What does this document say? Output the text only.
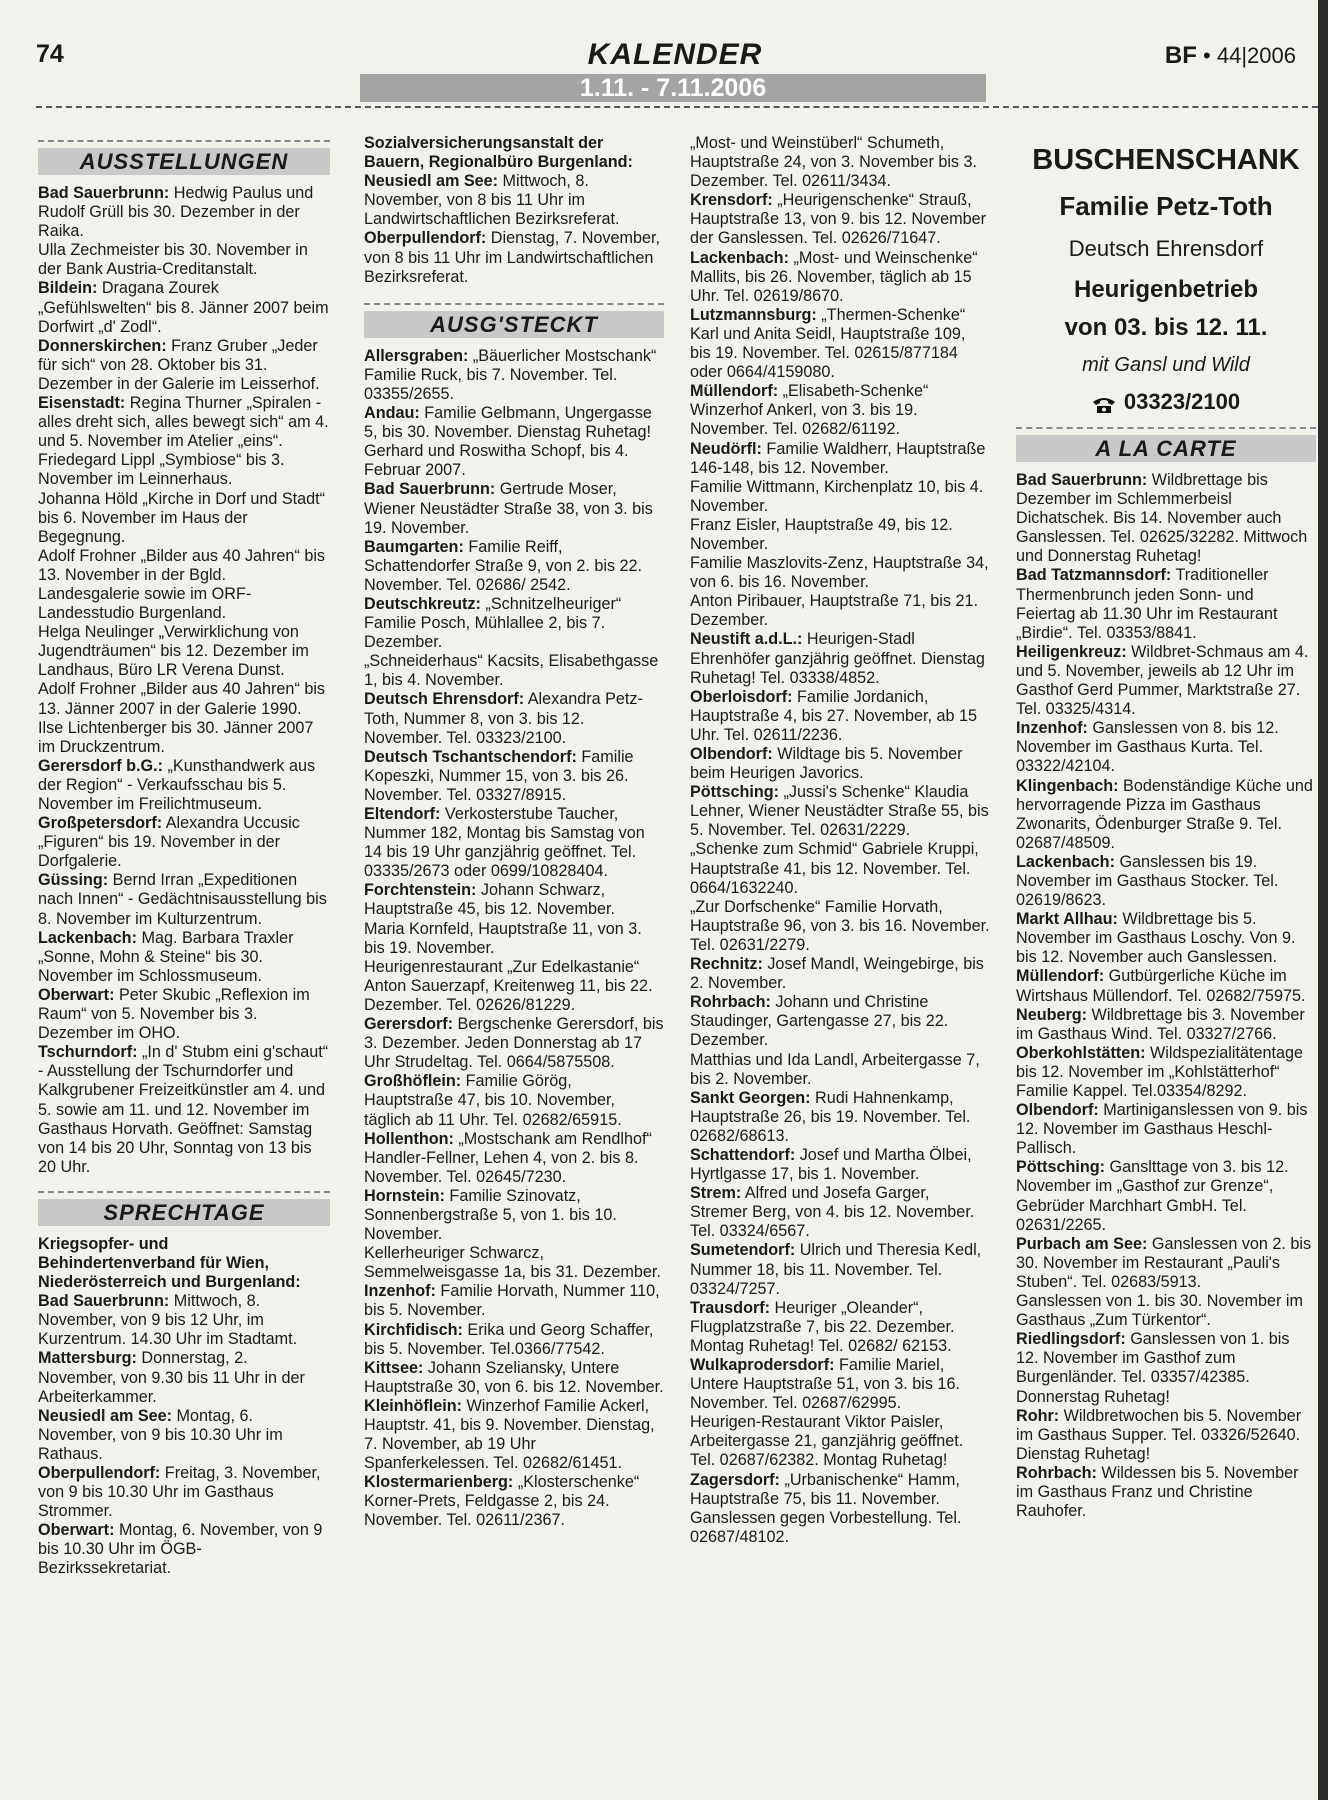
74	KALENDER
1.11. - 7.11.2006
BF • 44|2006
AUSSTELLUNGEN

Bad Sauerbrunn: Hedwig Paulus und Rudolf Grüll bis 30. Dezember in der Raika.

Ulla Zechmeister bis 30. November in der Bank Austria-Creditanstalt.

Bildein: Dragana Zourek „Gefühlswelten“ bis 8. Jänner 2007 beim Dorfwirt „d' Zodl“.

Donnerskirchen: Franz Gruber „Jeder für sich“ von 28. Oktober bis 31. Dezember in der Galerie im Leisserhof.

Eisenstadt: Regina Thurner „Spiralen - alles dreht sich, alles bewegt sich“ am 4. und 5. November im Atelier „eins“.

Friedegard Lippl „Symbiose“ bis 3. November im Leinnerhaus.

Johanna Höld „Kirche in Dorf und Stadt“ bis 6. November im Haus der Begegnung.

Adolf Frohner „Bilder aus 40 Jahren“ bis 13. November in der Bgld. Landesgalerie sowie im ORF-Landesstudio Burgenland.

Helga Neulinger „Verwirklichung von Jugendträumen“ bis 12. Dezember im Landhaus, Büro LR Verena Dunst.

Adolf Frohner „Bilder aus 40 Jahren“ bis 13. Jänner 2007 in der Galerie 1990.

Ilse Lichtenberger bis 30. Jänner 2007 im Druckzentrum.

Gerersdorf b.G.: „Kunsthandwerk aus der Region“ - Verkaufsschau bis 5. November im Freilichtmuseum.

Großpetersdorf: Alexandra Uccusic „Figuren“ bis 19. November in der Dorfgalerie.

Güssing: Bernd Irran „Expeditionen nach Innen“ - Gedächtnisausstellung bis 8. November im Kulturzentrum.

Lackenbach: Mag. Barbara Traxler „Sonne, Mohn & Steine“ bis 30. November im Schlossmuseum.

Oberwart: Peter Skubic „Reflexion im Raum“ von 5. November bis 3. Dezember im OHO.

Tschurndorf: „In d' Stubm eini g'schaut“ - Ausstellung der Tschurndorfer und Kalkgrubener Freizeitkünstler am 4. und 5. sowie am 11. und 12. November im Gasthaus Horvath. Geöffnet: Samstag von 14 bis 20 Uhr, Sonntag von 13 bis 20 Uhr.

SPRECHTAGE

Kriegsopfer- und Behindertenverband für Wien, Niederösterreich und Burgenland:

Bad Sauerbrunn: Mittwoch, 8. November, von 9 bis 12 Uhr, im Kurzentrum. 14.30 Uhr im Stadtamt.

Mattersburg: Donnerstag, 2. November, von 9.30 bis 11 Uhr in der Arbeiterkammer.

Neusiedl am See: Montag, 6. November, von 9 bis 10.30 Uhr im Rathaus.

Oberpullendorf: Freitag, 3. November, von 9 bis 10.30 Uhr im Gasthaus Strommer.

Oberwart: Montag, 6. November, von 9 bis 10.30 Uhr im ÖGB-Bezirkssekretariat.

Sozialversicherungsanstalt der Bauern, Regionalbüro Burgenland:

Neusiedl am See: Mittwoch, 8. November, von 8 bis 11 Uhr im Landwirtschaftlichen Bezirksreferat.

Oberpullendorf: Dienstag, 7. November, von 8 bis 11 Uhr im Landwirtschaftlichen Bezirksreferat.

AUSG'STECKT

Allersgraben: „Bäuerlicher Mostschank“ Familie Ruck, bis 7. November. Tel. 03355/2655.

Andau: Familie Gelbmann, Ungergasse 5, bis 30. November. Dienstag Ruhetag!

Gerhard und Roswitha Schopf, bis 4. Februar 2007.

Bad Sauerbrunn: Gertrude Moser, Wiener Neustädter Straße 38, von 3. bis 19. November.

Baumgarten: Familie Reiff, Schattendorfer Straße 9, von 2. bis 22. November. Tel. 02686/ 2542.

Deutschkreutz: „Schnitzelheuriger“ Familie Posch, Mühlallee 2, bis 7. Dezember.

„Schneiderhaus“ Kacsits, Elisabethgasse 1, bis 4. November.

Deutsch Ehrensdorf: Alexandra Petz-Toth, Nummer 8, von 3. bis 12. November. Tel. 03323/2100.

Deutsch Tschantschendorf: Familie Kopeszki, Nummer 15, von 3. bis 26. November. Tel. 03327/8915.

Eltendorf: Verkosterstube Taucher, Nummer 182, Montag bis Samstag von 14 bis 19 Uhr ganzjährig geöffnet. Tel. 03335/2673 oder 0699/10828404.

Forchtenstein: Johann Schwarz, Hauptstraße 45, bis 12. November.

Maria Kornfeld, Hauptstraße 11, von 3. bis 19. November.

Heurigenrestaurant „Zur Edelkastanie“ Anton Sauerzapf, Kreitenweg 11, bis 22. Dezember. Tel. 02626/81229.

Gerersdorf: Bergschenke Gerersdorf, bis 3. Dezember. Jeden Donnerstag ab 17 Uhr Strudeltag. Tel. 0664/5875508.

Großhöflein: Familie Görög, Hauptstraße 47, bis 10. November, täglich ab 11 Uhr. Tel. 02682/65915.

Hollenthon: „Mostschank am Rendlhof“ Handler-Fellner, Lehen 4, von 2. bis 8. November. Tel. 02645/7230.

Hornstein: Familie Szinovatz, Sonnenbergstraße 5, von 1. bis 10. November.

Kellerheuriger Schwarcz, Semmelweisgasse 1a, bis 31. Dezember.

Inzenhof: Familie Horvath, Nummer 110, bis 5. November.

Kirchfidisch: Erika und Georg Schaffer, bis 5. November. Tel.0366/77542.

Kittsee: Johann Szeliansky, Untere Hauptstraße 30, von 6. bis 12. November.

Kleinhöflein: Winzerhof Familie Ackerl, Hauptstr. 41, bis 9. November. Dienstag, 7. November, ab 19 Uhr Spanferkelessen. Tel. 02682/61451.

Klostermarienberg: „Klosterschenke“ Korner-Prets, Feldgasse 2, bis 24. November. Tel. 02611/2367.

„Most- und Weinstüberl“ Schumeth, Hauptstraße 24, von 3. November bis 3. Dezember. Tel. 02611/3434.

Krensdorf: „Heurigenschenke“ Strauß, Hauptstraße 13, von 9. bis 12. November der Ganslessen. Tel. 02626/71647.

Lackenbach: „Most- und Weinschenke“ Mallits, bis 26. November, täglich ab 15 Uhr. Tel. 02619/8670.

Lutzmannsburg: „Thermen-Schenke“ Karl und Anita Seidl, Hauptstraße 109, bis 19. November. Tel. 02615/877184 oder 0664/4159080.

Müllendorf: „Elisabeth-Schenke“ Winzerhof Ankerl, von 3. bis 19. November. Tel. 02682/61192.

Neudörfl: Familie Waldherr, Hauptstraße 146-148, bis 12. November.

Familie Wittmann, Kirchenplatz 10, bis 4. November.

Franz Eisler, Hauptstraße 49, bis 12. November.

Familie Maszlovits-Zenz, Hauptstraße 34, von 6. bis 16. November.

Anton Piribauer, Hauptstraße 71, bis 21. Dezember.

Neustift a.d.L.: Heurigen-Stadl Ehrenhöfer ganzjährig geöffnet. Dienstag Ruhetag! Tel. 03338/4852.

Oberloisdorf: Familie Jordanich, Hauptstraße 4, bis 27. November, ab 15 Uhr. Tel. 02611/2236.

Olbendorf: Wildtage bis 5. November beim Heurigen Javorics.

Pöttsching: „Jussi's Schenke“ Klaudia Lehner, Wiener Neustädter Straße 55, bis 5. November. Tel. 02631/2229.

„Schenke zum Schmid“ Gabriele Kruppi, Hauptstraße 41, bis 12. November. Tel. 0664/1632240.

„Zur Dorfschenke“ Familie Horvath, Hauptstraße 96, von 3. bis 16. November. Tel. 02631/2279.

Rechnitz: Josef Mandl, Weingebirge, bis 2. November.

Rohrbach: Johann und Christine Staudinger, Gartengasse 27, bis 22. Dezember.

Matthias und Ida Landl, Arbeitergasse 7, bis 2. November.

Sankt Georgen: Rudi Hahnenkamp, Hauptstraße 26, bis 19. November. Tel. 02682/68613.

Schattendorf: Josef und Martha Ölbei, Hyrtlgasse 17, bis 1. November.

Strem: Alfred und Josefa Garger, Stremer Berg, von 4. bis 12. November. Tel. 03324/6567.

Sumetendorf: Ulrich und Theresia Kedl, Nummer 18, bis 11. November. Tel. 03324/7257.

Trausdorf: Heuriger „Oleander“, Flugplatzstraße 7, bis 22. Dezember. Montag Ruhetag! Tel. 02682/ 62153.

Wulkaprodersdorf: Familie Mariel, Untere Hauptstraße 51, von 3. bis 16. November. Tel. 02687/62995.

Heurigen-Restaurant Viktor Paisler, Arbeitergasse 21, ganzjährig geöffnet. Tel. 02687/62382. Montag Ruhetag!

Zagersdorf: „Urbanischenke“ Hamm, Hauptstraße 75, bis 11. November. Ganslessen gegen Vorbestellung. Tel. 02687/48102.

BUSCHENSCHANK
Familie Petz-Toth
Deutsch Ehrensdorf
Heurigenbetrieb
von 03. bis 12. 11.
mit Gansl und Wild
03323/2100
A LA CARTE

Bad Sauerbrunn: Wildbrettage bis Dezember im Schlemmerbeisl Dichatschek. Bis 14. November auch Ganslessen. Tel. 02625/32282. Mittwoch und Donnerstag Ruhetag!

Bad Tatzmannsdorf: Traditioneller Thermenbrunch jeden Sonn- und Feiertag ab 11.30 Uhr im Restaurant „Birdie“. Tel. 03353/8841.

Heiligenkreuz: Wildbret-Schmaus am 4. und 5. November, jeweils ab 12 Uhr im Gasthof Gerd Pummer, Marktstraße 27. Tel. 03325/4314.

Inzenhof: Ganslessen von 8. bis 12. November im Gasthaus Kurta. Tel. 03322/42104.

Klingenbach: Bodenständige Küche und hervorragende Pizza im Gasthaus Zwonarits, Ödenburger Straße 9. Tel. 02687/48509.

Lackenbach: Ganslessen bis 19. November im Gasthaus Stocker. Tel. 02619/8623.

Markt Allhau: Wildbrettage bis 5. November im Gasthaus Loschy. Von 9. bis 12. November auch Ganslessen.

Müllendorf: Gutbürgerliche Küche im Wirtshaus Müllendorf. Tel. 02682/75975.

Neuberg: Wildbrettage bis 3. November im Gasthaus Wind. Tel. 03327/2766.

Oberkohlstätten: Wildspezialitätentage bis 12. November im „Kohlstätterhof“ Familie Kappel. Tel.03354/8292.

Olbendorf: Martiniganslessen von 9. bis 12. November im Gasthaus Heschl-Pallisch.

Pöttsching: Ganslttage von 3. bis 12. November im „Gasthof zur Grenze“, Gebrüder Marchhart GmbH. Tel. 02631/2265.

Purbach am See: Ganslessen von 2. bis 30. November im Restaurant „Pauli's Stuben“. Tel. 02683/5913.

Ganslessen von 1. bis 30. November im Gasthaus „Zum Türkentor“.

Riedlingsdorf: Ganslessen von 1. bis 12. November im Gasthof zum Burgenländer. Tel. 03357/42385. Donnerstag Ruhetag!

Rohr: Wildbretwochen bis 5. November im Gasthaus Supper. Tel. 03326/52640. Dienstag Ruhetag!

Rohrbach: Wildessen bis 5. November im Gasthaus Franz und Christine Rauhofer.
